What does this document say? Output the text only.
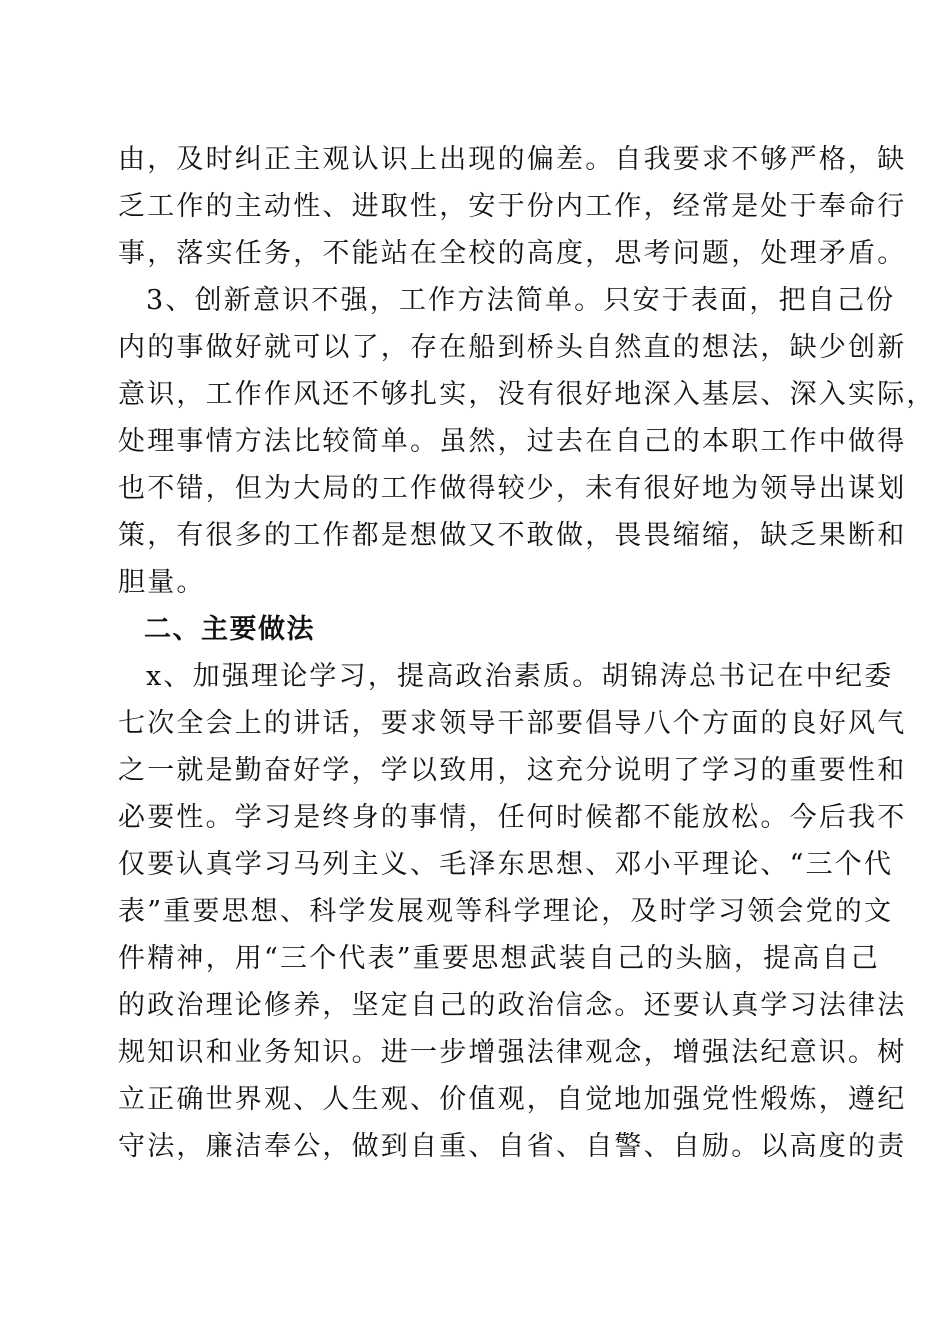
由，及时纠正主观认识上出现的偏差。自我要求不够严格，缺
乏工作的主动性、进取性，安于份内工作，经常是处于奉命行
事，落实任务，不能站在全校的高度，思考问题，处理矛盾。
3、创新意识不强，工作方法简单。只安于表面，把自己份
内的事做好就可以了，存在船到桥头自然直的想法，缺少创新
意识，工作作风还不够扎实，没有很好地深入基层、深入实际，
处理事情方法比较简单。虽然，过去在自己的本职工作中做得
也不错，但为大局的工作做得较少，未有很好地为领导出谋划
策，有很多的工作都是想做又不敢做，畏畏缩缩，缺乏果断和
胆量。
二、主要做法
x、加强理论学习，提高政治素质。胡锦涛总书记在中纪委
七次全会上的讲话，要求领导干部要倡导八个方面的良好风气
之一就是勤奋好学，学以致用，这充分说明了学习的重要性和
必要性。学习是终身的事情，任何时候都不能放松。今后我不
仅要认真学习马列主义、毛泽东思想、邓小平理论、“三个代
表”重要思想、科学发展观等科学理论，及时学习领会党的文
件精神，用“三个代表”重要思想武装自己的头脑，提高自己
的政治理论修养，坚定自己的政治信念。还要认真学习法律法
规知识和业务知识。进一步增强法律观念，增强法纪意识。树
立正确世界观、人生观、价值观，自觉地加强党性煅炼，遵纪
守法，廉洁奉公，做到自重、自省、自警、自励。以高度的责
